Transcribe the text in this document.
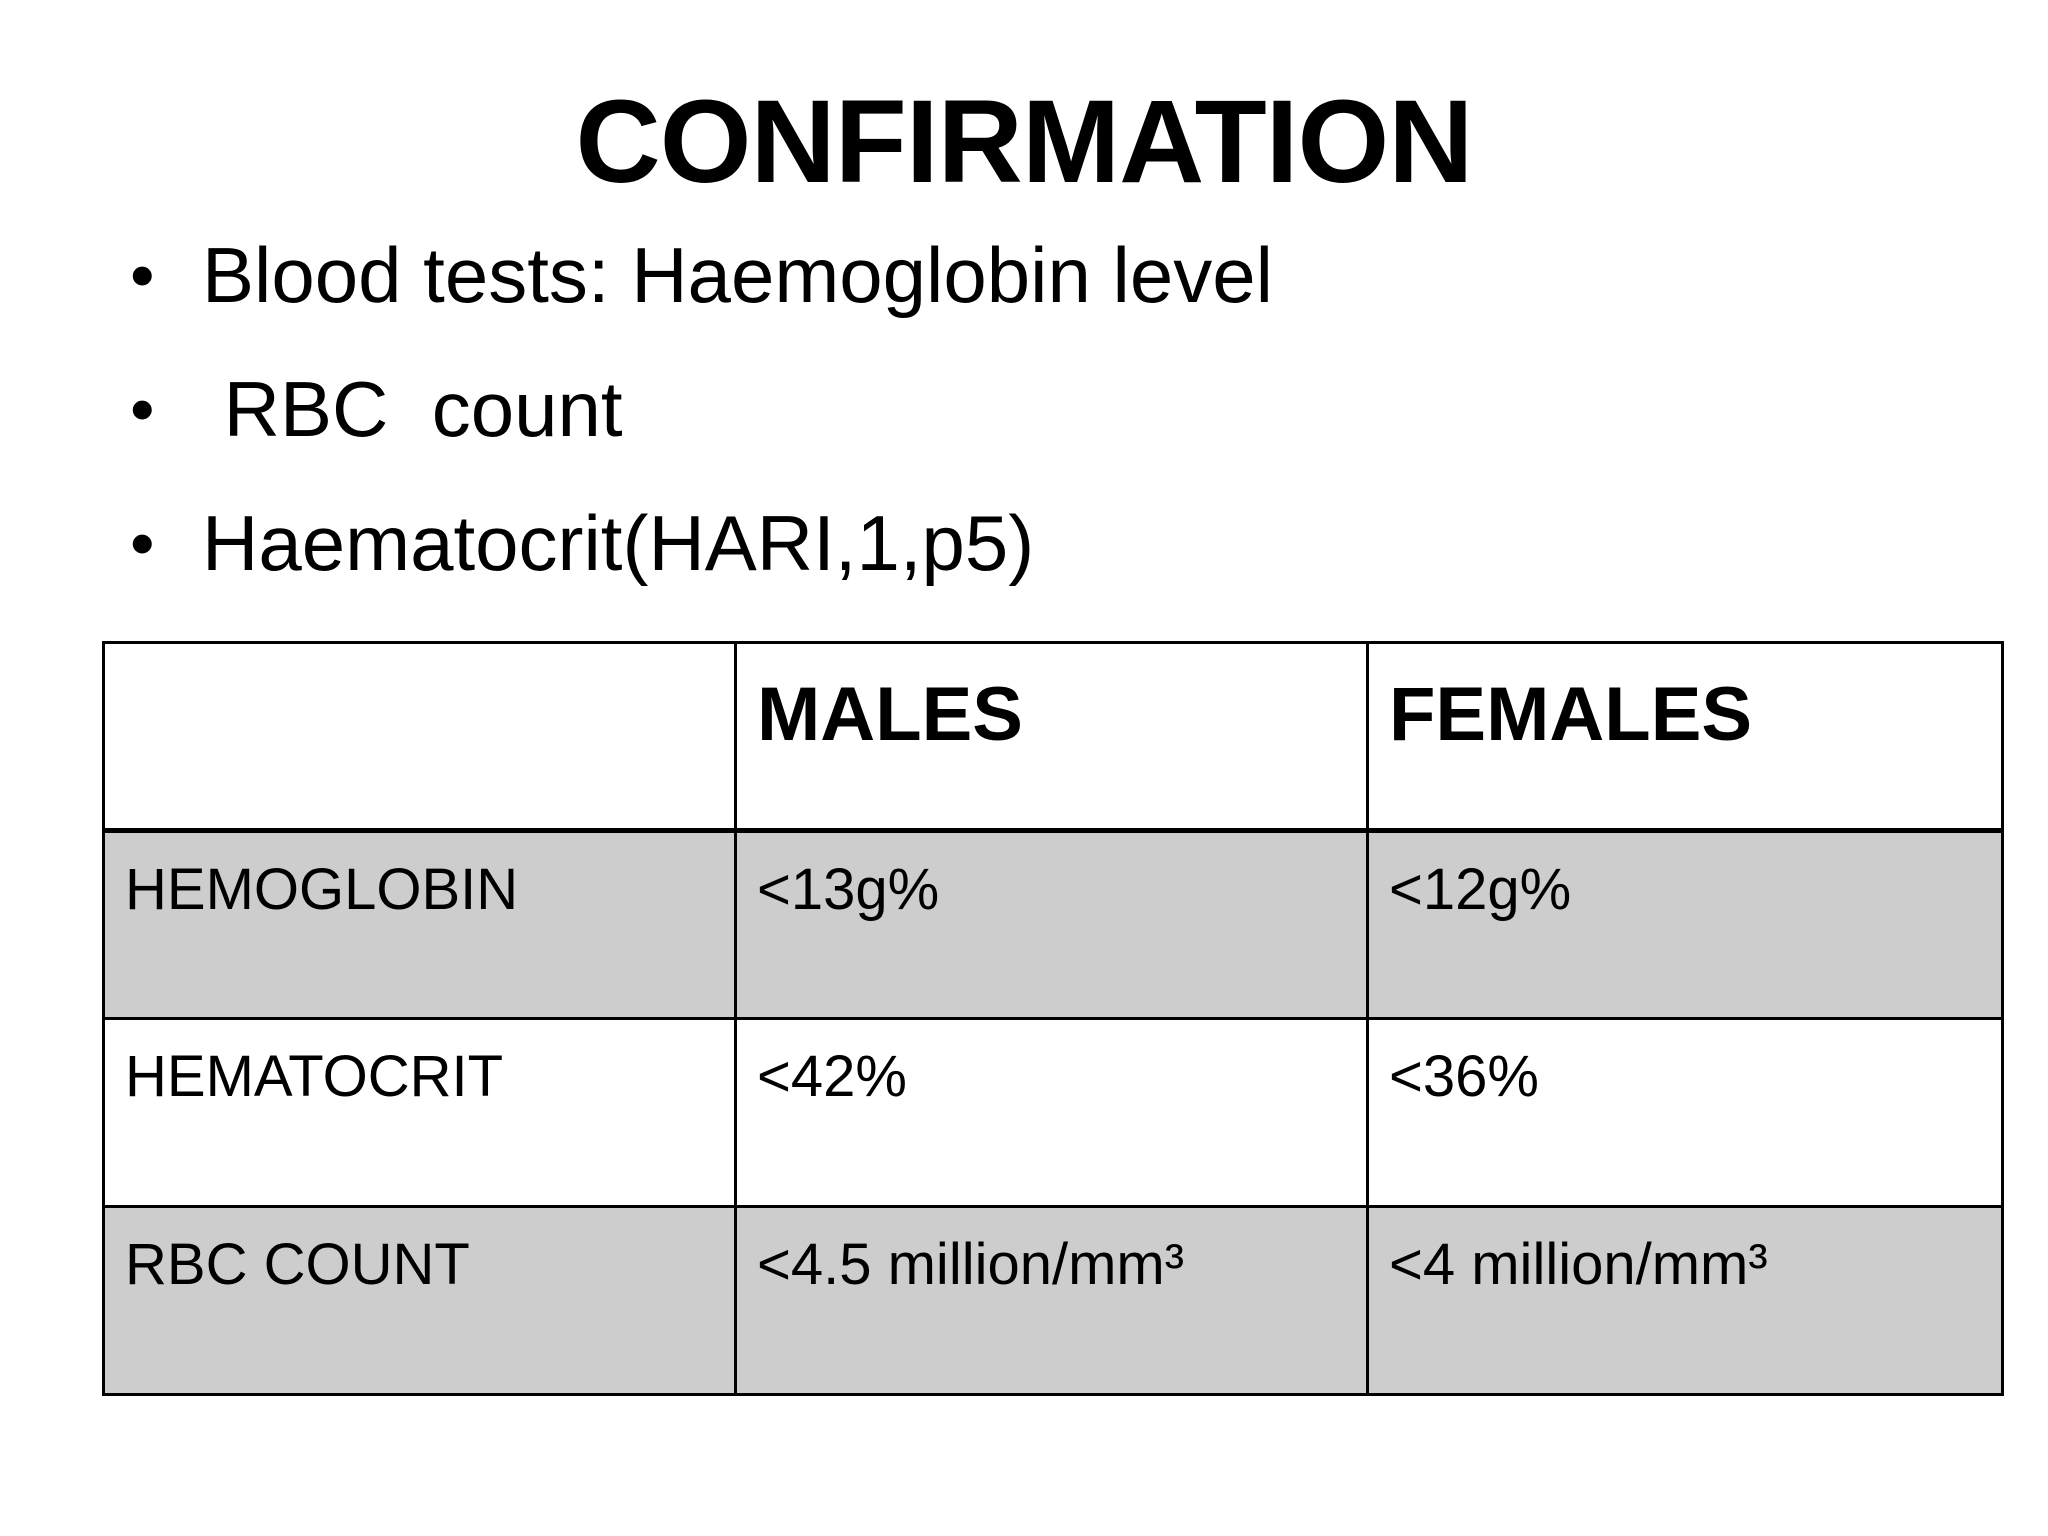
CONFIRMATION
• Blood tests: Haemoglobin level
• RBC  count
• Haematocrit(HARI,1,p5)
	MALES	FEMALES
HEMOGLOBIN	<13g%	<12g%
HEMATOCRIT	<42%	<36%
RBC COUNT	<4.5 million/mm³	<4 million/mm³
